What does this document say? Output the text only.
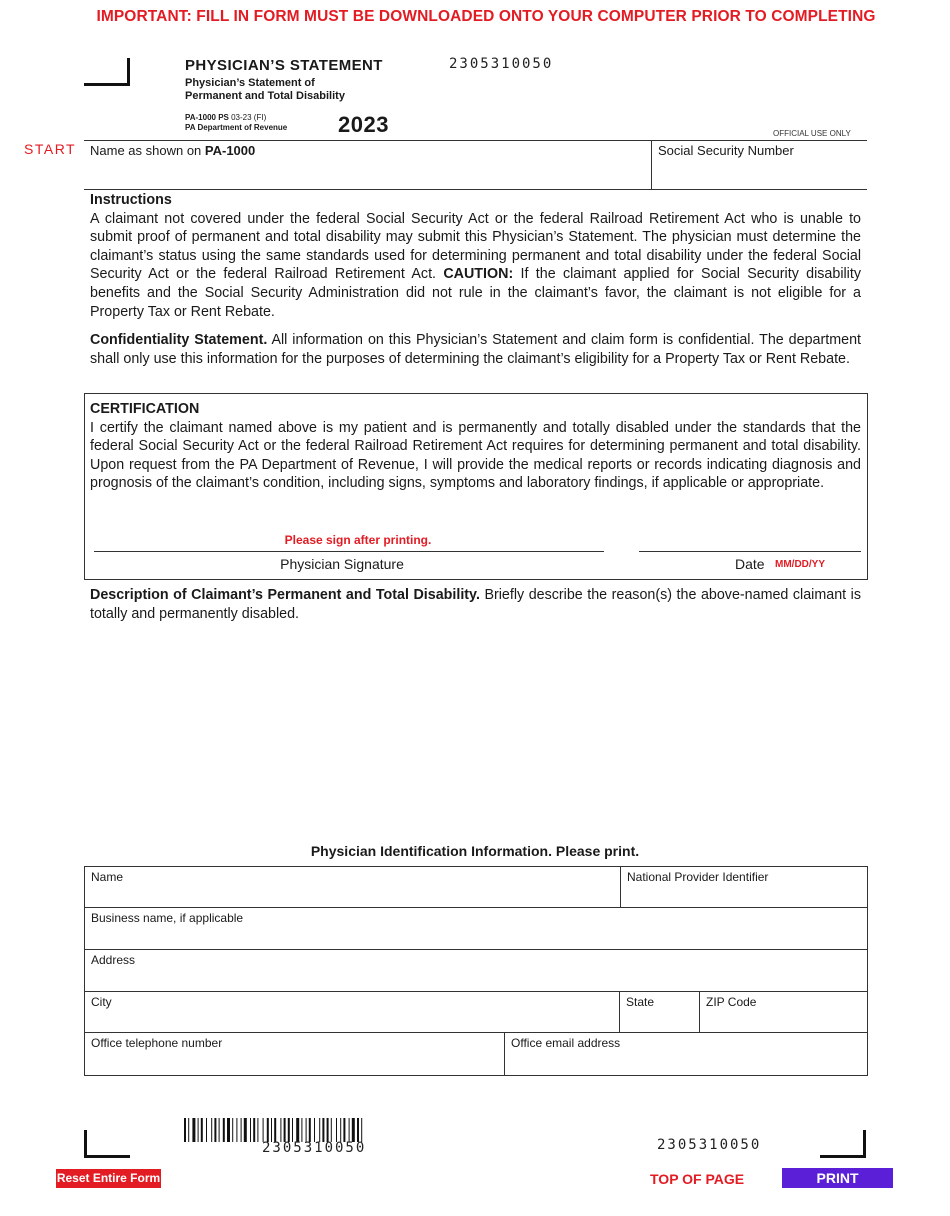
IMPORTANT: FILL IN FORM MUST BE DOWNLOADED ONTO YOUR COMPUTER PRIOR TO COMPLETING
PHYSICIAN’S STATEMENT
Physician’s Statement of
Permanent and Total Disability
PA-1000 PS 03-23 (FI)
PA Department of Revenue 2023
2305310050
OFFICIAL USE ONLY
START Name as shown on PA-1000	Social Security Number
Instructions
A claimant not covered under the federal Social Security Act or the federal Railroad Retirement Act who is unable to submit proof of permanent and total disability may submit this Physician’s Statement. The physician must determine the claimant’s status using the same standards used for determining permanent and total disability under the federal Social Security Act or the federal Railroad Retirement Act. CAUTION: If the claimant applied for Social Security disability benefits and the Social Security Administration did not rule in the claimant’s favor, the claimant is not eligible for a Property Tax or Rent Rebate.
Confidentiality Statement. All information on this Physician’s Statement and claim form is confidential. The department shall only use this information for the purposes of determining the claimant’s eligibility for a Property Tax or Rent Rebate.
CERTIFICATION
I certify the claimant named above is my patient and is permanently and totally disabled under the standards that the federal Social Security Act or the federal Railroad Retirement Act requires for determining permanent and total disability. Upon request from the PA Department of Revenue, I will provide the medical reports or records indicating diagnosis and prognosis of the claimant’s condition, including signs, symptoms and laboratory findings, if applicable or appropriate.
Please sign after printing.
Physician Signature	Date MM/DD/YY
Description of Claimant’s Permanent and Total Disability. Briefly describe the reason(s) the above-named claimant is totally and permanently disabled.
Physician Identification Information. Please print.
Name	National Provider Identifier
Business name, if applicable
Address
City	State	ZIP Code
Office telephone number	Office email address
2305310050	2305310050
Reset Entire Form	TOP OF PAGE	PRINT
